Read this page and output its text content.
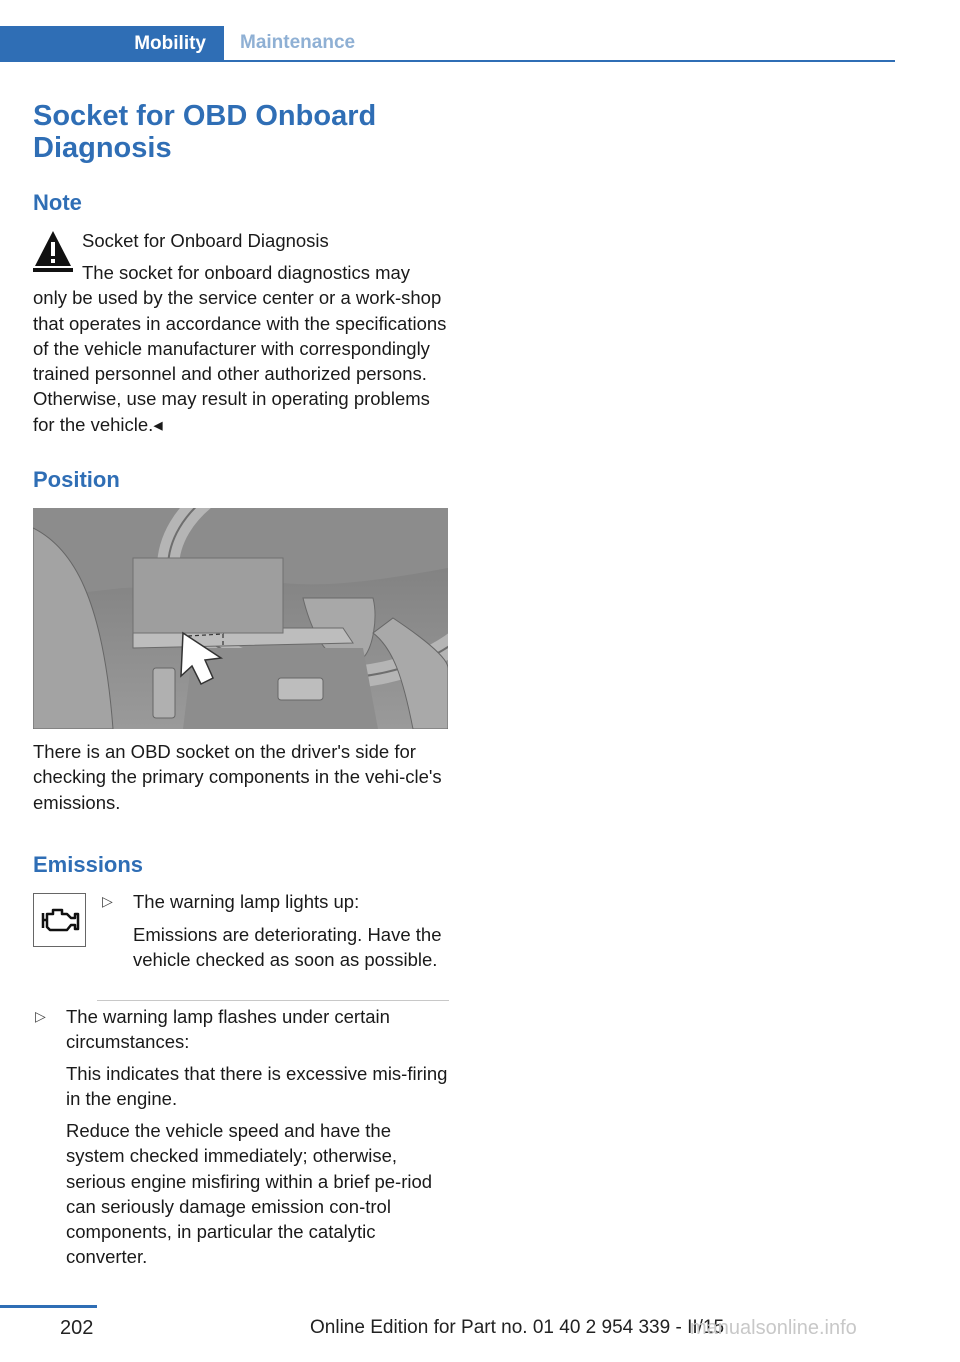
Mobility	Maintenance
Socket for OBD Onboard Diagnosis
Note

Socket for Onboard Diagnosis

The socket for onboard diagnostics may only be used by the service center or a work-shop that operates in accordance with the specifications of the vehicle manufacturer with correspondingly trained personnel and other authorized persons. Otherwise, use may result in operating problems for the vehicle.◂

Position

There is an OBD socket on the driver's side for checking the primary components in the vehi-cle's emissions.

Emissions
▷ The warning lamp lights up:

Emissions are deteriorating. Have the vehicle checked as soon as possible.

▷ The warning lamp flashes under certain circumstances:

This indicates that there is excessive mis-firing in the engine.

Reduce the vehicle speed and have the system checked immediately; otherwise, serious engine misfiring within a brief pe-riod can seriously damage emission con-trol components, in particular the catalytic converter.

202	Online Edition for Part no. 01 40 2 954 339 - II/15
manualsonline.info
